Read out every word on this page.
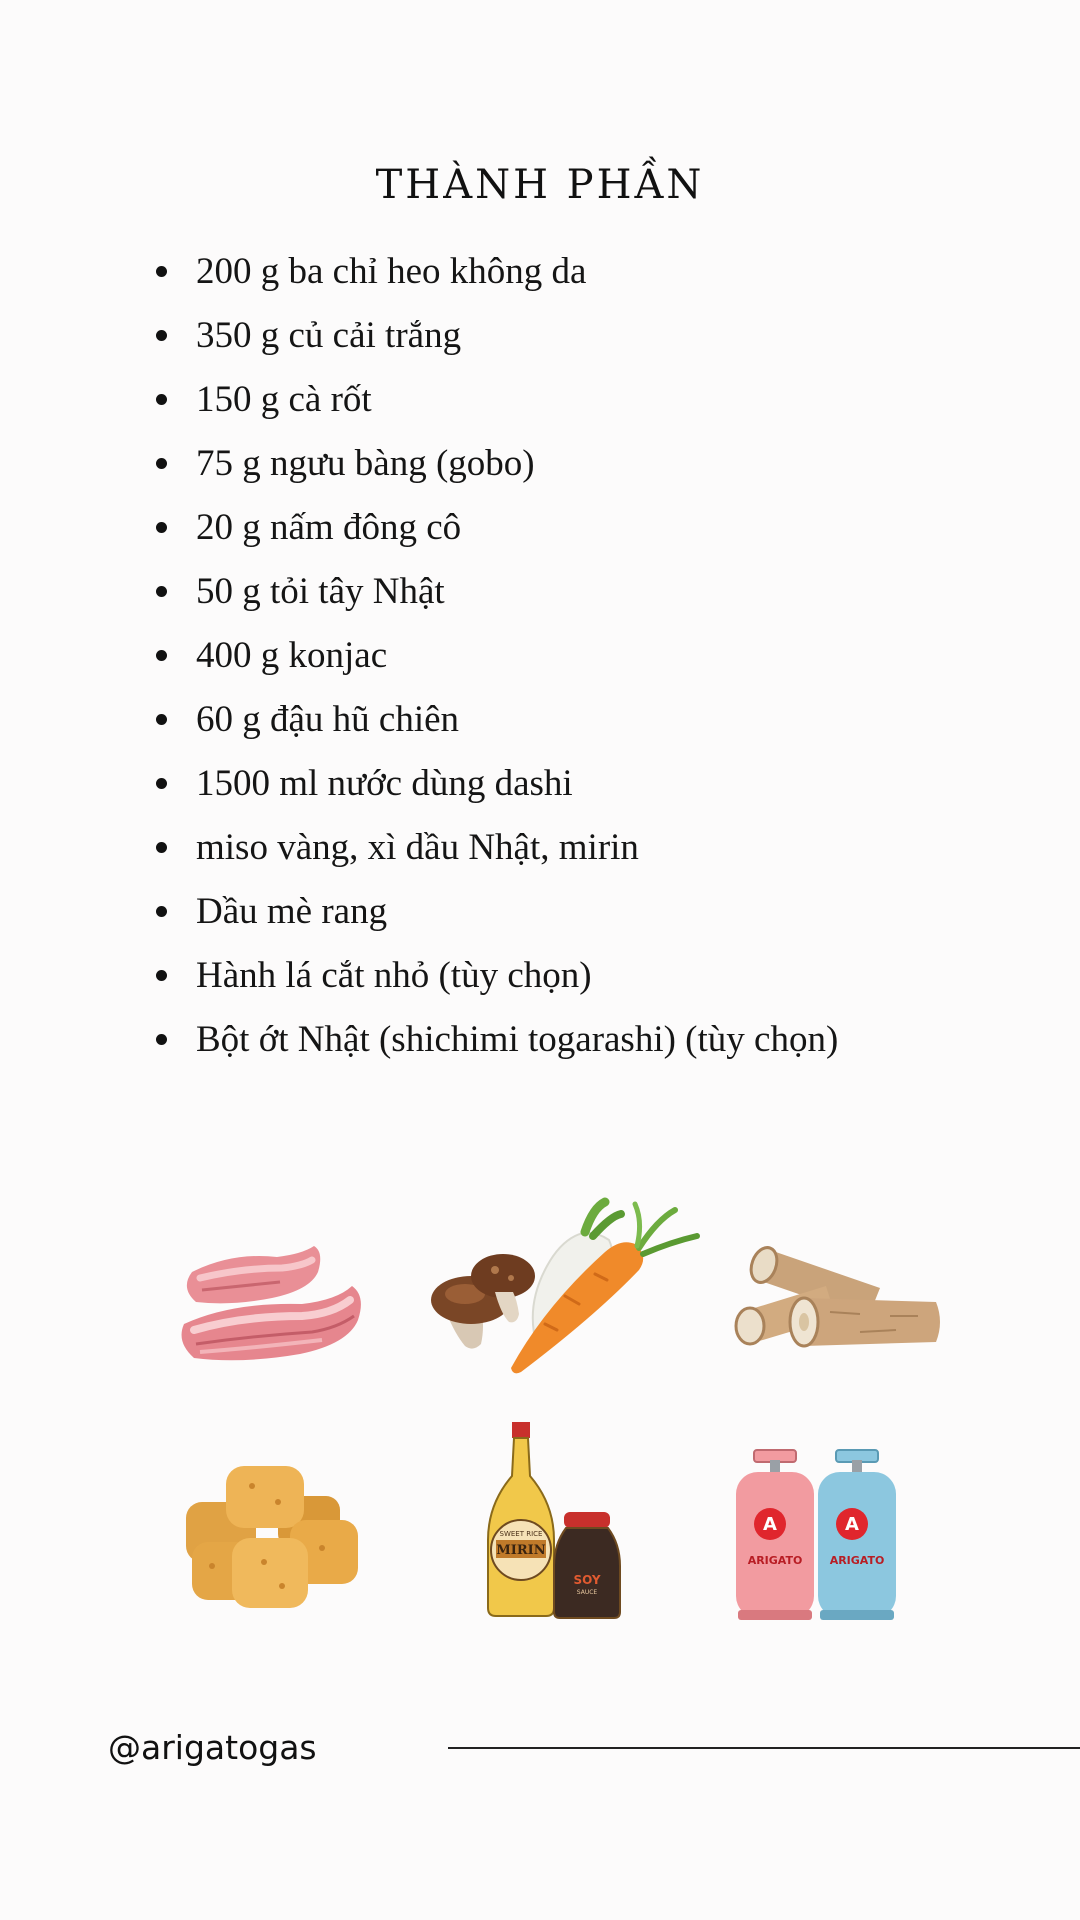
THÀNH PHẦN
200 g ba chỉ heo không da
350 g củ cải trắng
150 g cà rốt
75 g ngưu bàng (gobo)
20 g nấm đông cô
50 g tỏi tây Nhật
400 g konjac
60 g đậu hũ chiên
1500 ml nước dùng dashi
miso vàng, xì dầu Nhật, mirin
Dầu mè rang
Hành lá cắt nhỏ (tùy chọn)
Bột ớt Nhật (shichimi togarashi) (tùy chọn)
SWEET RICE
MIRIN
SOY
SAUCE
A
ARIGATO
A
ARIGATO
@arigatogas
